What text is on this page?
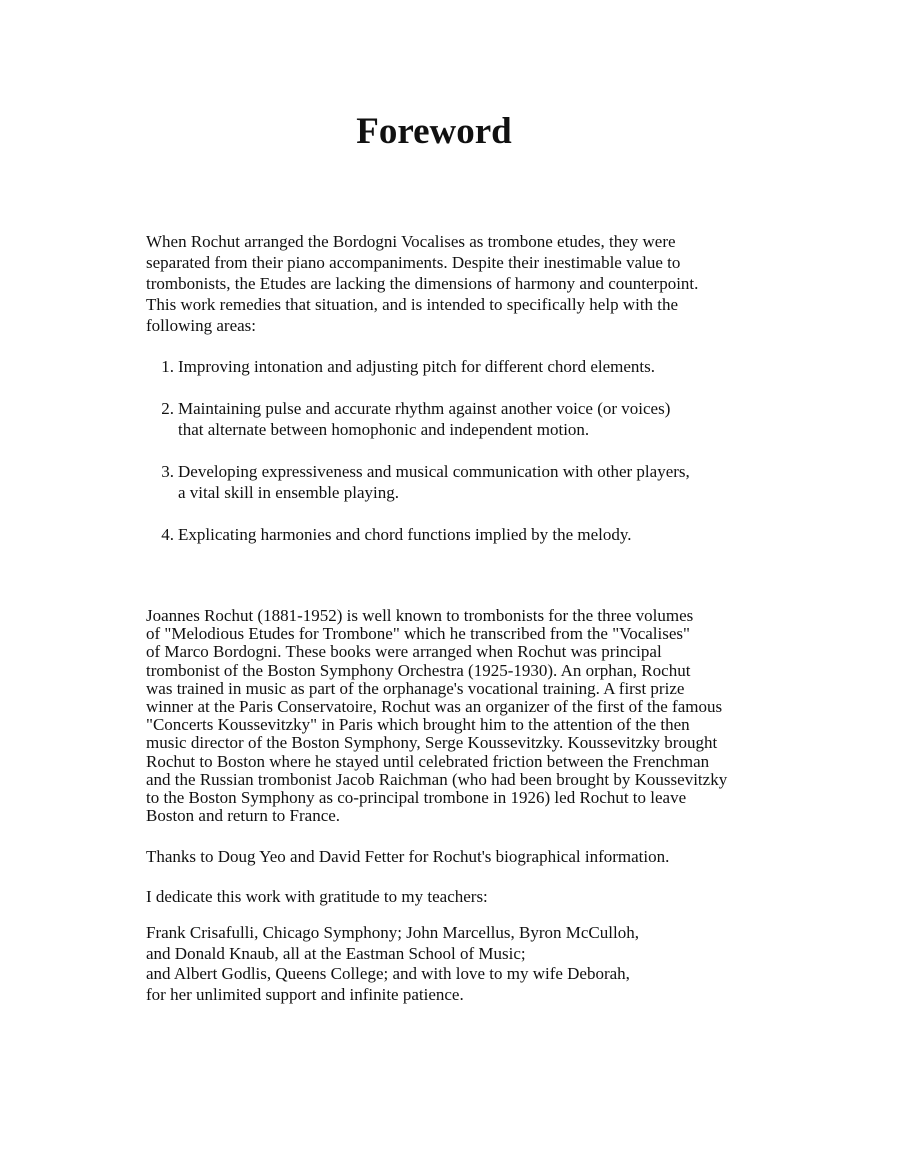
Foreword

When Rochut arranged the Bordogni Vocalises as trombone etudes, they were
separated from their piano accompaniments. Despite their inestimable value to
trombonists, the Etudes are lacking the dimensions of harmony and counterpoint.
This work remedies that situation, and is intended to specifically help with the
following areas:

1. Improving intonation and adjusting pitch for different chord elements.
2. Maintaining pulse and accurate rhythm against another voice (or voices)
that alternate between homophonic and independent motion.
3. Developing expressiveness and musical communication with other players,
a vital skill in ensemble playing.
4. Explicating harmonies and chord functions implied by the melody.

Joannes Rochut (1881-1952) is well known to trombonists for the three volumes
of "Melodious Etudes for Trombone" which he transcribed from the "Vocalises"
of Marco Bordogni. These books were arranged when Rochut was principal
trombonist of the Boston Symphony Orchestra (1925-1930). An orphan, Rochut
was trained in music as part of the orphanage's vocational training. A first prize
winner at the Paris Conservatoire, Rochut was an organizer of the first of the famous
"Concerts Koussevitzky" in Paris which brought him to the attention of the then
music director of the Boston Symphony, Serge Koussevitzky. Koussevitzky brought
Rochut to Boston where he stayed until celebrated friction between the Frenchman
and the Russian trombonist Jacob Raichman (who had been brought by Koussevitzky
to the Boston Symphony as co-principal trombone in 1926) led Rochut to leave
Boston and return to France.

Thanks to Doug Yeo and David Fetter for Rochut's biographical information.

I dedicate this work with gratitude to my teachers:

Frank Crisafulli, Chicago Symphony; John Marcellus, Byron McCulloh,
and Donald Knaub, all at the Eastman School of Music;
and Albert Godlis, Queens College; and with love to my wife Deborah,
for her unlimited support and infinite patience.
